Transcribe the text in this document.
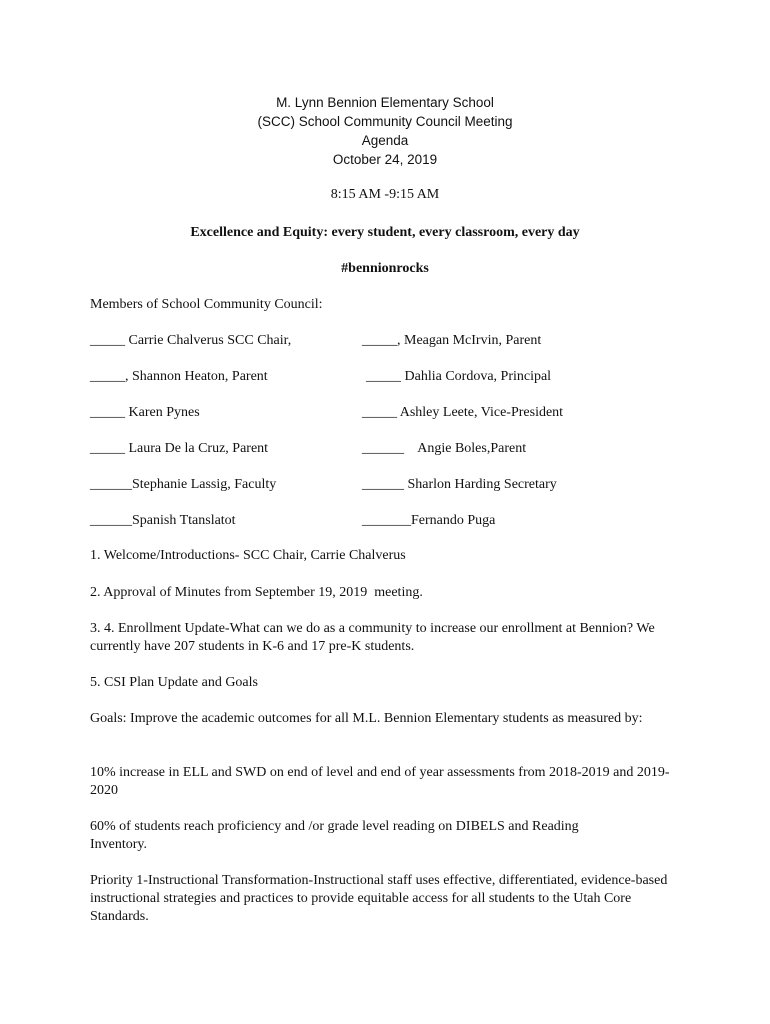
M. Lynn Bennion Elementary School
(SCC) School Community Council Meeting
Agenda
October 24, 2019
8:15 AM -9:15 AM
Excellence and Equity: every student, every classroom, every day
#bennionrocks
Members of School Community Council:
_____ Carrie Chalverus SCC Chair,
_____, Shannon Heaton, Parent
_____ Karen Pynes
_____ Laura De la Cruz, Parent
______Stephanie Lassig, Faculty
______Spanish Ttanslatot
_____, Meagan McIrvin, Parent
_____ Dahlia Cordova, Principal
_____ Ashley Leete, Vice-President
______    Angie Boles,Parent
______ Sharlon Harding Secretary
_______Fernando Puga
1. Welcome/Introductions- SCC Chair, Carrie Chalverus
2. Approval of Minutes from September 19, 2019  meeting.
3. 4. Enrollment Update-What can we do as a community to increase our enrollment at Bennion? We currently have 207 students in K-6 and 17 pre-K students.
5. CSI Plan Update and Goals
Goals: Improve the academic outcomes for all M.L. Bennion Elementary students as measured by:
10% increase in ELL and SWD on end of level and end of year assessments from 2018-2019 and 2019-2020
60% of students reach proficiency and /or grade level reading on DIBELS and Reading Inventory.
Priority 1-Instructional Transformation-Instructional staff uses effective, differentiated, evidence-based instructional strategies and practices to provide equitable access for all students to the Utah Core Standards.
